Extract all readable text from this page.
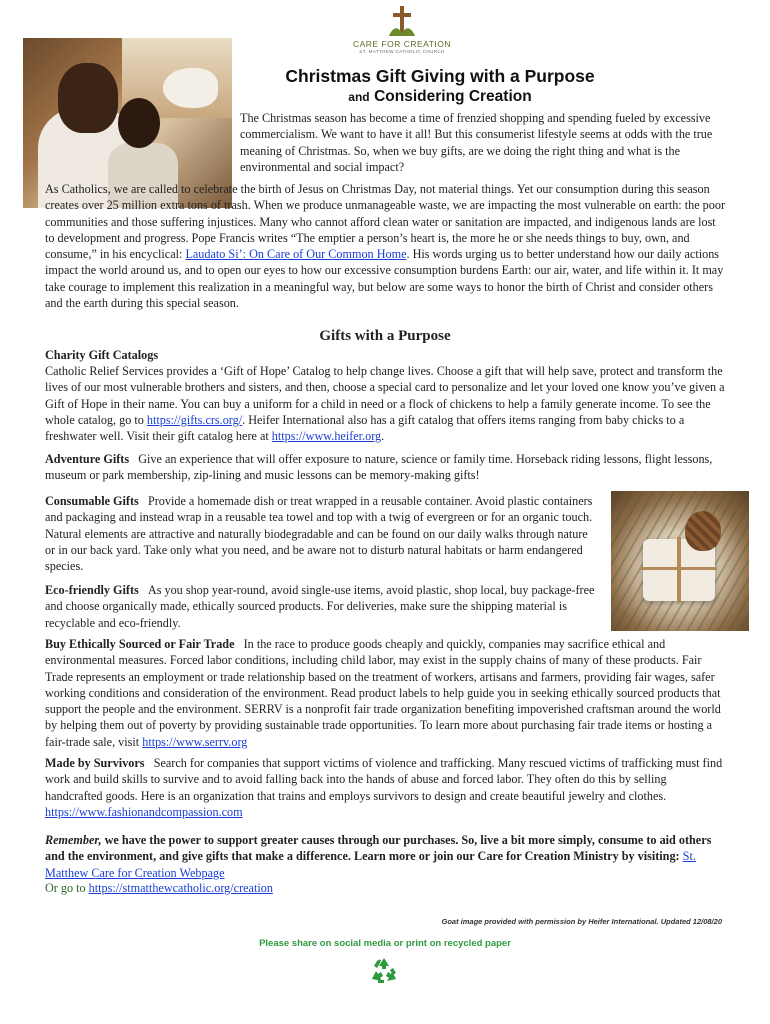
CARE FOR CREATION
ST. MATTHEW CATHOLIC CHURCH
Christmas Gift Giving with a Purpose
and Considering Creation
The Christmas season has become a time of frenzied shopping and spending fueled by excessive commercialism. We want to have it all! But this consumerist lifestyle seems at odds with the true meaning of Christmas. So, when we buy gifts, are we doing the right thing and what is the environmental and social impact?
As Catholics, we are called to celebrate the birth of Jesus on Christmas Day, not material things. Yet our consumption during this season creates over 25 million extra tons of trash. When we produce unmanageable waste, we are impacting the most vulnerable on earth: the poor communities and those suffering injustices. Many who cannot afford clean water or sanitation are impacted, and indigenous lands are lost to development and progress. Pope Francis writes “The emptier a person’s heart is, the more he or she needs things to buy, own, and consume,” in his encyclical: Laudato Si’: On Care of Our Common Home. His words urging us to better understand how our daily actions impact the world around us, and to open our eyes to how our excessive consumption burdens Earth: our air, water, and life within it. It may take courage to implement this realization in a meaningful way, but below are some ways to honor the birth of Christ and consider others and the earth during this special season.
Gifts with a Purpose
Charity Gift Catalogs
Catholic Relief Services provides a ‘Gift of Hope’ Catalog to help change lives. Choose a gift that will help save, protect and transform the lives of our most vulnerable brothers and sisters, and then, choose a special card to personalize and let your loved one know you’ve given a Gift of Hope in their name. You can buy a uniform for a child in need or a flock of chickens to help a family generate income. To see the whole catalog, go to https://gifts.crs.org/. Heifer International also has a gift catalog that offers items ranging from baby chicks to a freshwater well. Visit their gift catalog here at https://www.heifer.org.
Adventure Gifts Give an experience that will offer exposure to nature, science or family time. Horseback riding lessons, flight lessons, museum or park membership, zip-lining and music lessons can be memory-making gifts!
Consumable Gifts Provide a homemade dish or treat wrapped in a reusable container. Avoid plastic containers and packaging and instead wrap in a reusable tea towel and top with a twig of evergreen or for an organic touch. Natural elements are attractive and naturally biodegradable and can be found on our daily walks through nature or in our back yard. Take only what you need, and be aware not to disturb natural habitats or harm endangered species.
Eco-friendly Gifts As you shop year-round, avoid single-use items, avoid plastic, shop local, buy package-free and choose organically made, ethically sourced products. For deliveries, make sure the shipping material is recyclable and eco-friendly.
Buy Ethically Sourced or Fair Trade In the race to produce goods cheaply and quickly, companies may sacrifice ethical and environmental measures. Forced labor conditions, including child labor, may exist in the supply chains of many of these products. Fair Trade represents an employment or trade relationship based on the treatment of workers, artisans and farmers, providing fair wages, safer working conditions and consideration of the environment. Read product labels to help guide you in seeking ethically sourced products that support the people and the environment. SERRV is a nonprofit fair trade organization benefiting impoverished craftsman around the world by helping them out of poverty by providing sustainable trade opportunities. To learn more about purchasing fair trade items or hosting a fair-trade sale, visit https://www.serrv.org
Made by Survivors Search for companies that support victims of violence and trafficking. Many rescued victims of trafficking must find work and build skills to survive and to avoid falling back into the hands of abuse and forced labor. They often do this by selling handcrafted goods. Here is an organization that trains and employs survivors to design and create beautiful jewelry and clothes. https://www.fashionandcompassion.com
Remember, we have the power to support greater causes through our purchases. So, live a bit more simply, consume to aid others and the environment, and give gifts that make a difference. Learn more or join our Care for Creation Ministry by visiting: St. Matthew Care for Creation Webpage
Or go to https://stmatthewcatholic.org/creation
Goat image provided with permission by Heifer International. Updated 12/08/20
Please share on social media or print on recycled paper
